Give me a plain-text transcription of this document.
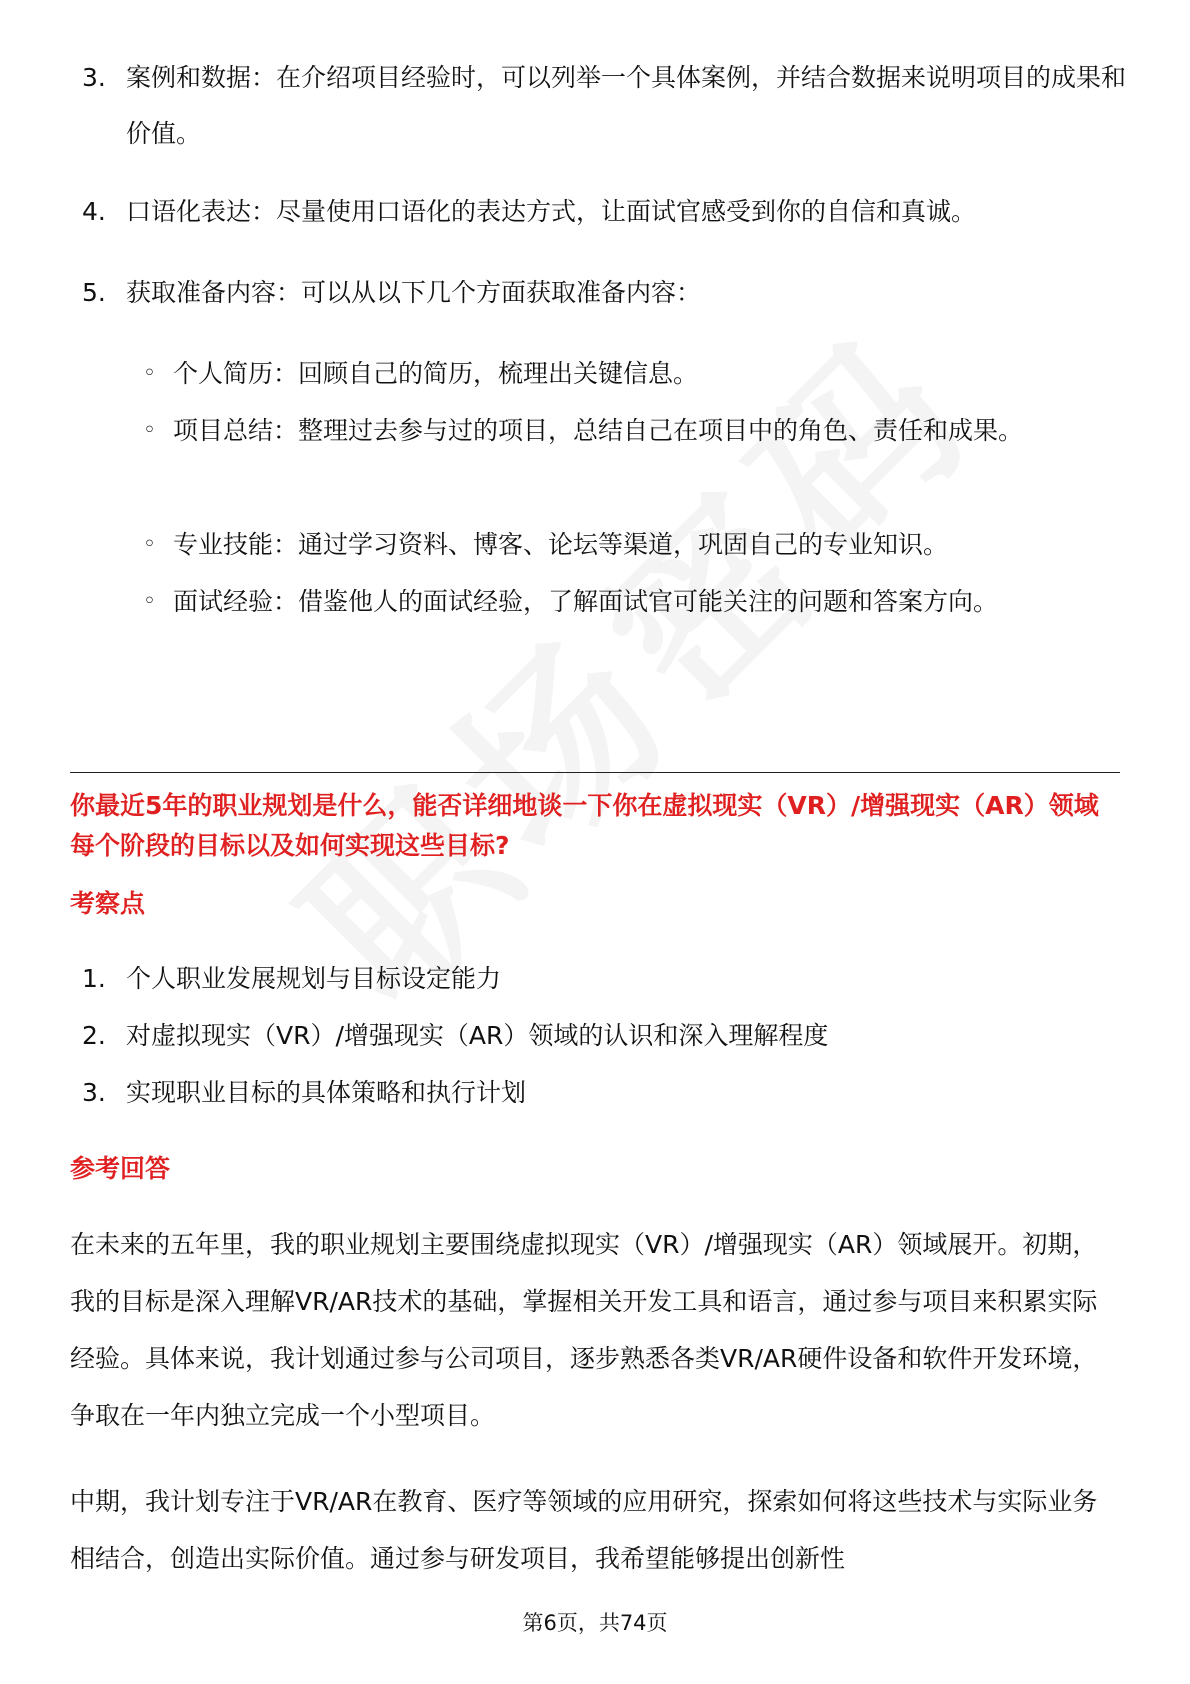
3. 案例和数据：在介绍项目经验时，可以列举一个具体案例，并结合数据来说明项目的成果和价值。
4. 口语化表达：尽量使用口语化的表达方式，让面试官感受到你的自信和真诚。
5. 获取准备内容：可以从以下几个方面获取准备内容：
◦ 个人简历：回顾自己的简历，梳理出关键信息。
◦ 项目总结：整理过去参与过的项目，总结自己在项目中的角色、责任和成果。
◦ 专业技能：通过学习资料、博客、论坛等渠道，巩固自己的专业知识。
◦ 面试经验：借鉴他人的面试经验，了解面试官可能关注的问题和答案方向。
你最近5年的职业规划是什么，能否详细地谈一下你在虚拟现实（VR）/增强现实（AR）领域每个阶段的目标以及如何实现这些目标?
考察点
1. 个人职业发展规划与目标设定能力
2. 对虚拟现实（VR）/增强现实（AR）领域的认识和深入理解程度
3. 实现职业目标的具体策略和执行计划
参考回答
在未来的五年里，我的职业规划主要围绕虚拟现实（VR）/增强现实（AR）领域展开。初期，我的目标是深入理解VR/AR技术的基础，掌握相关开发工具和语言，通过参与项目来积累实际经验。具体来说，我计划通过参与公司项目，逐步熟悉各类VR/AR硬件设备和软件开发环境，争取在一年内独立完成一个小型项目。
中期，我计划专注于VR/AR在教育、医疗等领域的应用研究，探索如何将这些技术与实际业务相结合，创造出实际价值。通过参与研发项目，我希望能够提出创新性
第6页，共74页
